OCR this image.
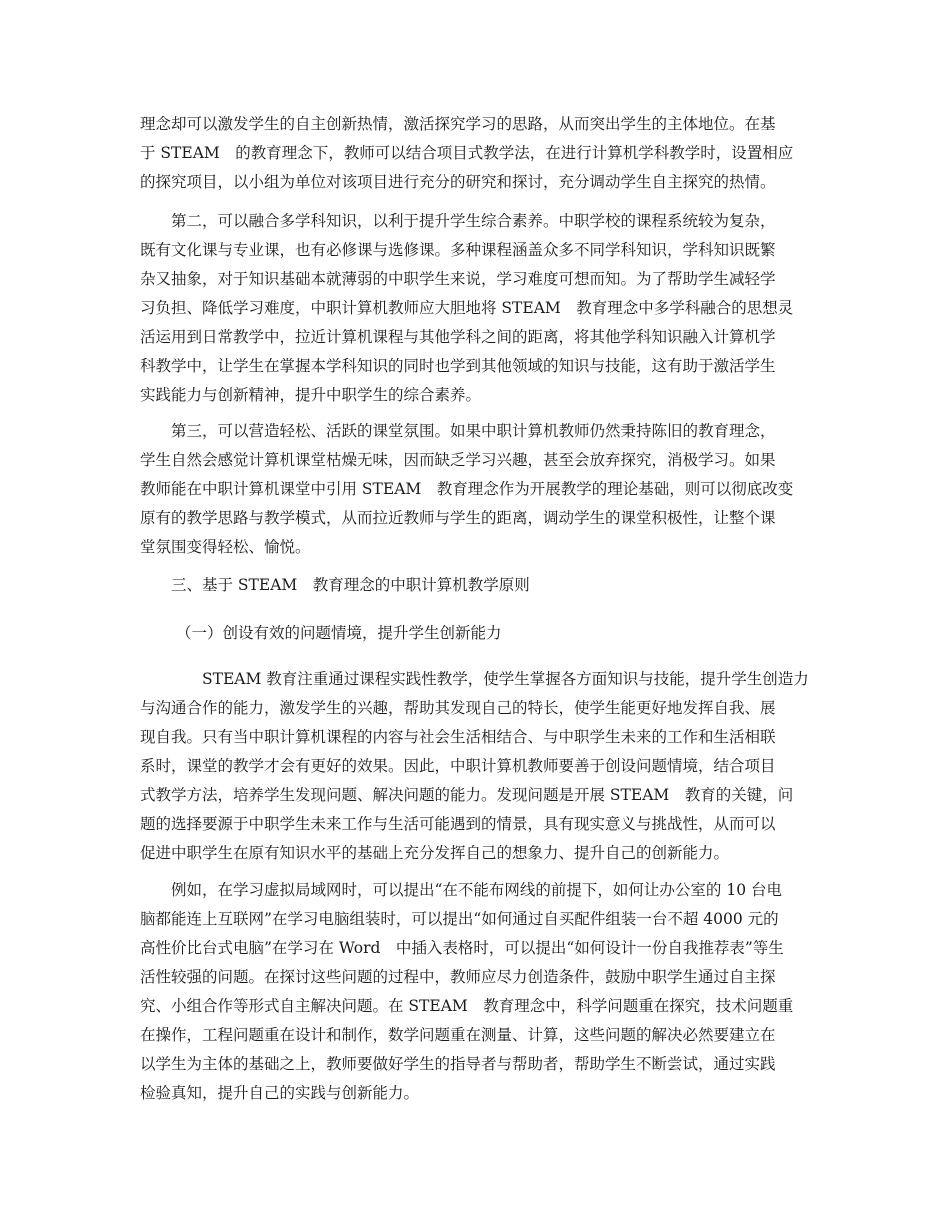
理念却可以激发学生的自主创新热情，激活探究学习的思路，从而突出学生的主体地位。在基
于 STEAM　的教育理念下，教师可以结合项目式教学法，在进行计算机学科教学时，设置相应
的探究项目，以小组为单位对该项目进行充分的研究和探讨，充分调动学生自主探究的热情。
第二，可以融合多学科知识，以利于提升学生综合素养。中职学校的课程系统较为复杂，
既有文化课与专业课，也有必修课与选修课。多种课程涵盖众多不同学科知识，学科知识既繁
杂又抽象，对于知识基础本就薄弱的中职学生来说，学习难度可想而知。为了帮助学生减轻学
习负担、降低学习难度，中职计算机教师应大胆地将 STEAM　教育理念中多学科融合的思想灵
活运用到日常教学中，拉近计算机课程与其他学科之间的距离，将其他学科知识融入计算机学
科教学中，让学生在掌握本学科知识的同时也学到其他领域的知识与技能，这有助于激活学生
实践能力与创新精神，提升中职学生的综合素养。
第三，可以营造轻松、活跃的课堂氛围。如果中职计算机教师仍然秉持陈旧的教育理念，
学生自然会感觉计算机课堂枯燥无味，因而缺乏学习兴趣，甚至会放弃探究，消极学习。如果
教师能在中职计算机课堂中引用 STEAM　教育理念作为开展教学的理论基础，则可以彻底改变
原有的教学思路与教学模式，从而拉近教师与学生的距离，调动学生的课堂积极性，让整个课
堂氛围变得轻松、愉悦。
三、基于 STEAM　教育理念的中职计算机教学原则
（一）创设有效的问题情境，提升学生创新能力
STEAM 教育注重通过课程实践性教学，使学生掌握各方面知识与技能，提升学生创造力
与沟通合作的能力，激发学生的兴趣，帮助其发现自己的特长，使学生能更好地发挥自我、展
现自我。只有当中职计算机课程的内容与社会生活相结合、与中职学生未来的工作和生活相联
系时，课堂的教学才会有更好的效果。因此，中职计算机教师要善于创设问题情境，结合项目
式教学方法，培养学生发现问题、解决问题的能力。发现问题是开展 STEAM　教育的关键，问
题的选择要源于中职学生未来工作与生活可能遇到的情景，具有现实意义与挑战性，从而可以
促进中职学生在原有知识水平的基础上充分发挥自己的想象力、提升自己的创新能力。
例如，在学习虚拟局域网时，可以提出“在不能布网线的前提下，如何让办公室的 10 台电
脑都能连上互联网”在学习电脑组装时，可以提出“如何通过自买配件组装一台不超 4000 元的
高性价比台式电脑”在学习在 Word　中插入表格时，可以提出“如何设计一份自我推荐表”等生
活性较强的问题。在探讨这些问题的过程中，教师应尽力创造条件，鼓励中职学生通过自主探
究、小组合作等形式自主解决问题。在 STEAM　教育理念中，科学问题重在探究，技术问题重
在操作，工程问题重在设计和制作，数学问题重在测量、计算，这些问题的解决必然要建立在
以学生为主体的基础之上，教师要做好学生的指导者与帮助者，帮助学生不断尝试，通过实践
检验真知，提升自己的实践与创新能力。
